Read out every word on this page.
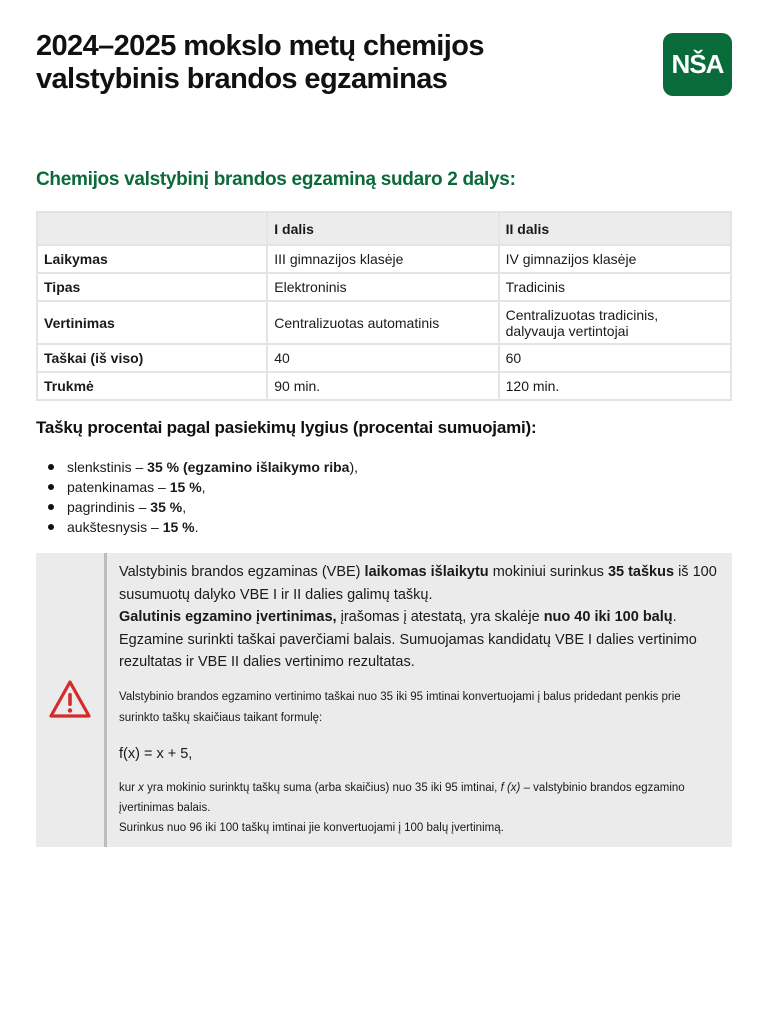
2024–2025 mokslo metų chemijos
valstybinis brandos egzaminas	NŠA
Chemijos valstybinį brandos egzaminą sudaro 2 dalys:
	I dalis	II dalis
Laikymas	III gimnazijos klasėje	IV gimnazijos klasėje
Tipas	Elektroninis	Tradicinis
Vertinimas	Centralizuotas automatinis	Centralizuotas tradicinis,
dalyvauja vertintojai
Taškai (iš viso)	40	60
Trukmė	90 min.	120 min.
Taškų procentai pagal pasiekimų lygius (procentai sumuojami):
slenkstinis – 35 % (egzamino išlaikymo riba),
patenkinamas – 15 %,
pagrindinis – 35 %,
aukštesnysis – 15 %.

Valstybinis brandos egzaminas (VBE) laikomas išlaikytu mokiniui surinkus 35 taškus iš 100 susumuotų dalyko VBE I ir II dalies galimų taškų.
Galutinis egzamino įvertinimas, įrašomas į atestatą, yra skalėje nuo 40 iki 100 balų.
Egzamine surinkti taškai paverčiami balais. Sumuojamas kandidatų VBE I dalies vertinimo rezultatas ir VBE II dalies vertinimo rezultatas.

Valstybinio brandos egzamino vertinimo taškai nuo 35 iki 95 imtinai konvertuojami į balus pridedant penkis prie surinkto taškų skaičiaus taikant formulę:

f(x) = x + 5,

kur x yra mokinio surinktų taškų suma (arba skaičius) nuo 35 iki 95 imtinai, f (x) – valstybinio brandos egzamino įvertinimas balais.

Surinkus nuo 96 iki 100 taškų imtinai jie konvertuojami į 100 balų įvertinimą.
